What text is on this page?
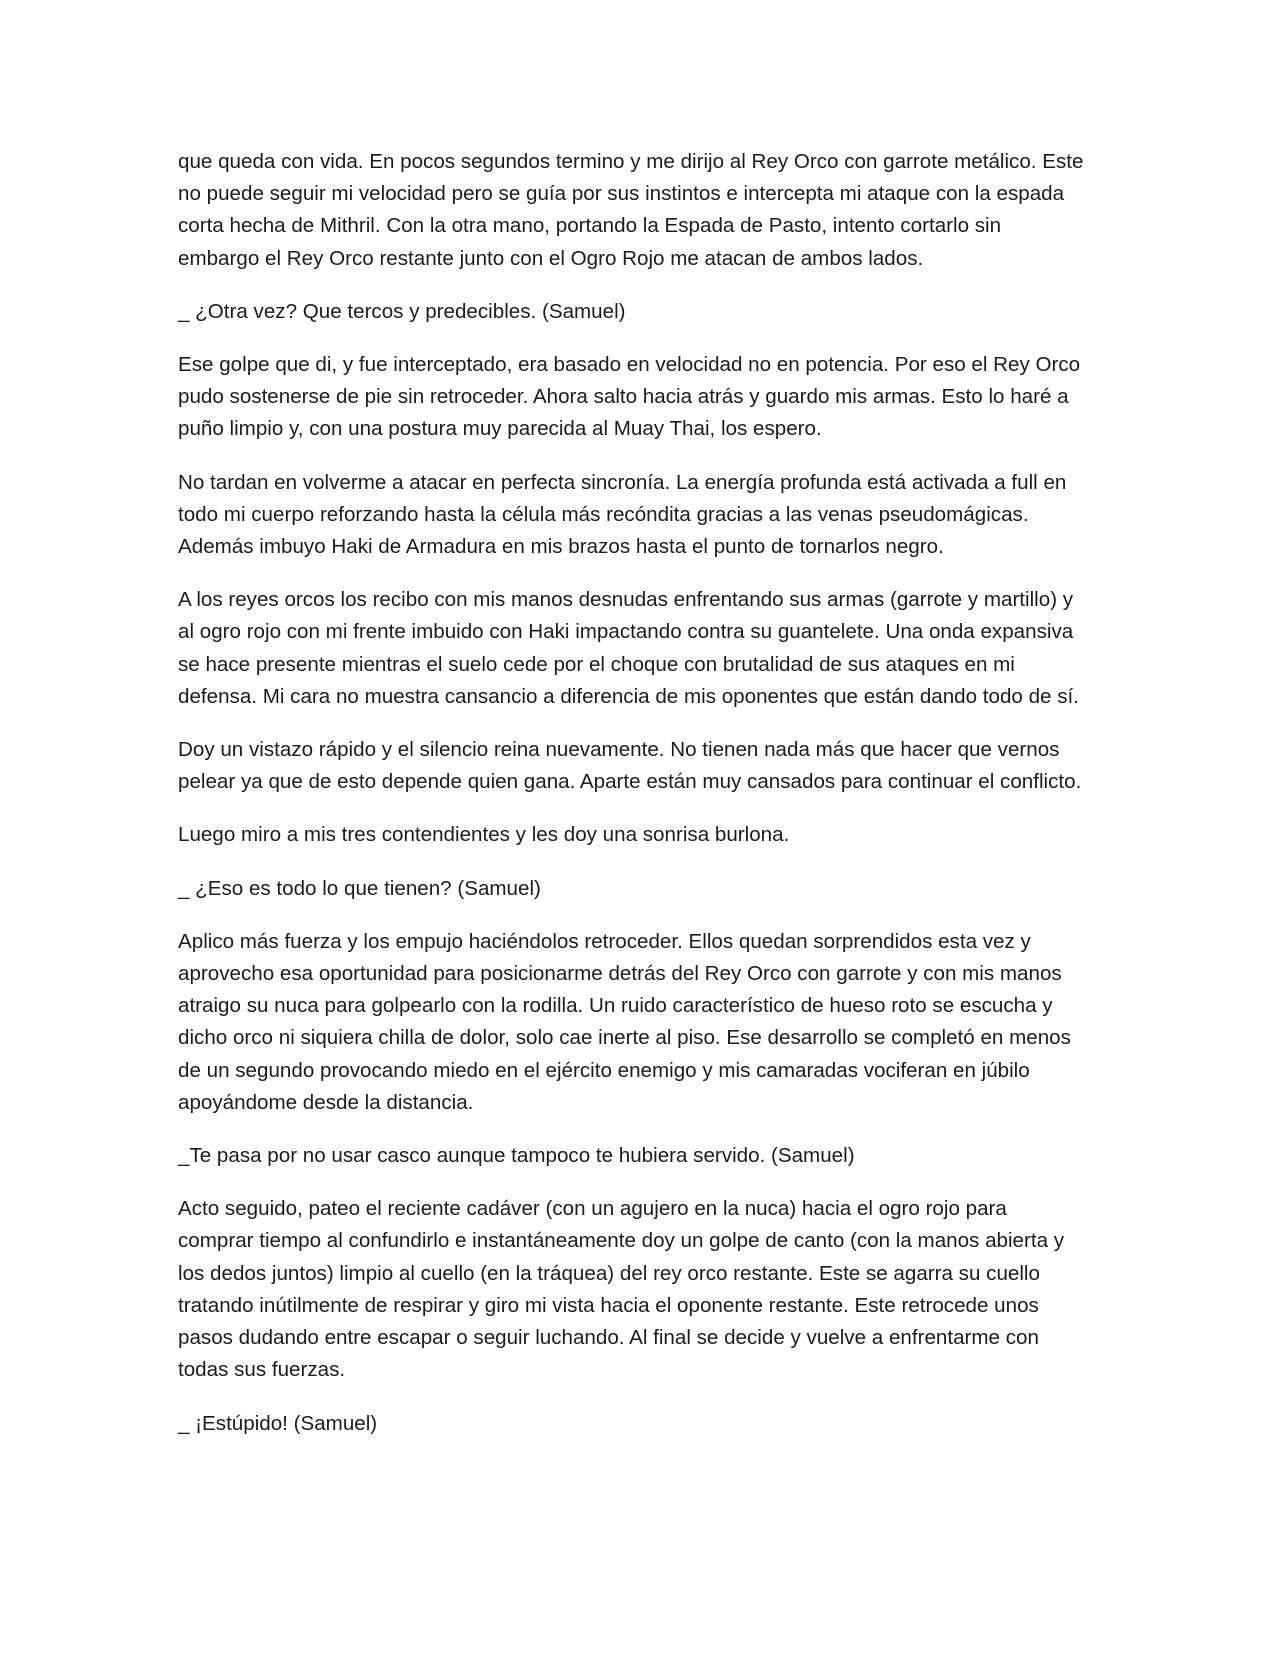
que queda con vida. En pocos segundos termino y me dirijo al Rey Orco con garrote metálico. Este
no puede seguir mi velocidad pero se guía por sus instintos e intercepta mi ataque con la espada
corta hecha de Mithril. Con la otra mano, portando la Espada de Pasto, intento cortarlo sin
embargo el Rey Orco restante junto con el Ogro Rojo me atacan de ambos lados.

_ ¿Otra vez? Que tercos y predecibles. (Samuel)

Ese golpe que di, y fue interceptado, era basado en velocidad no en potencia. Por eso el Rey Orco
pudo sostenerse de pie sin retroceder. Ahora salto hacia atrás y guardo mis armas. Esto lo haré a
puño limpio y, con una postura muy parecida al Muay Thai, los espero.

No tardan en volverme a atacar en perfecta sincronía. La energía profunda está activada a full en
todo mi cuerpo reforzando hasta la célula más recóndita gracias a las venas pseudomágicas.
Además imbuyo Haki de Armadura en mis brazos hasta el punto de tornarlos negro.

A los reyes orcos los recibo con mis manos desnudas enfrentando sus armas (garrote y martillo) y
al ogro rojo con mi frente imbuido con Haki impactando contra su guantelete. Una onda expansiva
se hace presente mientras el suelo cede por el choque con brutalidad de sus ataques en mi
defensa. Mi cara no muestra cansancio a diferencia de mis oponentes que están dando todo de sí.

Doy un vistazo rápido y el silencio reina nuevamente. No tienen nada más que hacer que vernos
pelear ya que de esto depende quien gana. Aparte están muy cansados para continuar el conflicto.

Luego miro a mis tres contendientes y les doy una sonrisa burlona.

_ ¿Eso es todo lo que tienen? (Samuel)

Aplico más fuerza y los empujo haciéndolos retroceder. Ellos quedan sorprendidos esta vez y
aprovecho esa oportunidad para posicionarme detrás del Rey Orco con garrote y con mis manos
atraigo su nuca para golpearlo con la rodilla. Un ruido característico de hueso roto se escucha y
dicho orco ni siquiera chilla de dolor, solo cae inerte al piso. Ese desarrollo se completó en menos
de un segundo provocando miedo en el ejército enemigo y mis camaradas vociferan en júbilo
apoyándome desde la distancia.

_Te pasa por no usar casco aunque tampoco te hubiera servido. (Samuel)

Acto seguido, pateo el reciente cadáver (con un agujero en la nuca) hacia el ogro rojo para
comprar tiempo al confundirlo e instantáneamente doy un golpe de canto (con la manos abierta y
los dedos juntos) limpio al cuello (en la tráquea) del rey orco restante. Este se agarra su cuello
tratando inútilmente de respirar y giro mi vista hacia el oponente restante. Este retrocede unos
pasos dudando entre escapar o seguir luchando. Al final se decide y vuelve a enfrentarme con
todas sus fuerzas.

_ ¡Estúpido! (Samuel)
